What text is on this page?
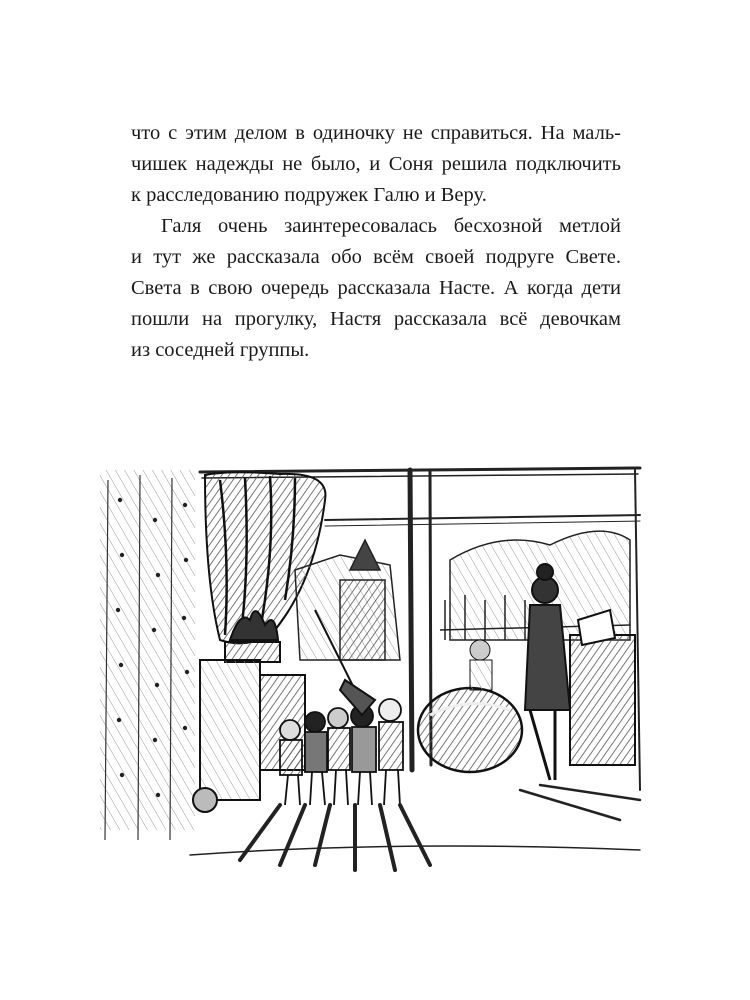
что с этим делом в одиночку не справиться. На маль-
чишек надежды не было, и Соня решила подключить
к расследованию подружек Галю и Веру.
Галя очень заинтересовалась бесхозной метлой
и тут же рассказала обо всём своей подруге Свете.
Света в свою очередь рассказала Насте. А когда дети
пошли на прогулку, Настя рассказала всё девочкам
из соседней группы.
